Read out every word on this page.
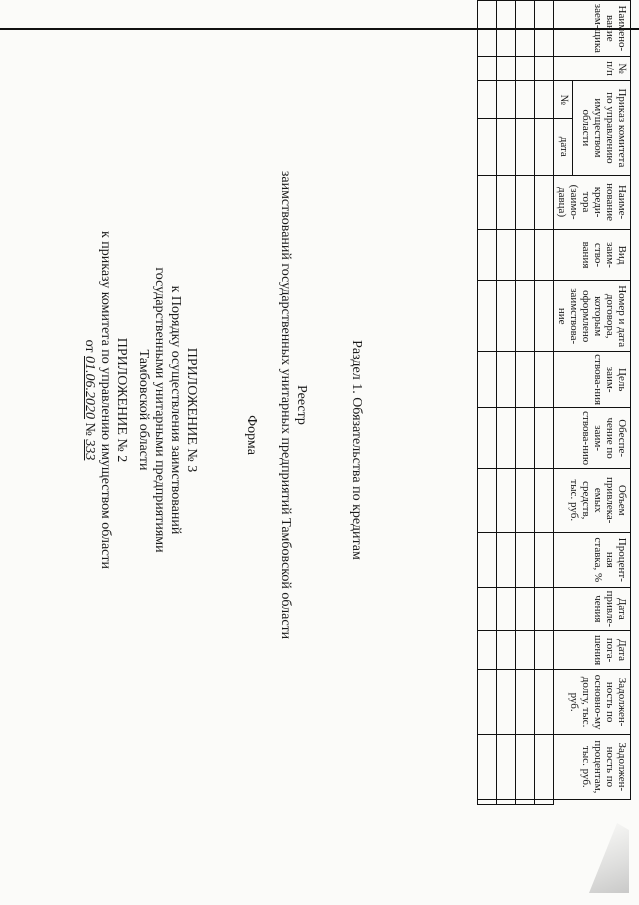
ПРИЛОЖЕНИЕ № 2
к приказу комитета по управлению имуществом области
от 01.06.2020 № 333	ПРИЛОЖЕНИЕ № 3
к Порядку осуществления заимствований
государственными унитарными предприятиями
Тамбовской области	Форма
Реестр
заимствований государственных унитарных предприятий Тамбовской области	Раздел 1. Обязательства по кредитам
Наимено-вание заем-щика	№ п/п	Приказ комитета по управлению имуществом области		Наиме-нование креди-тора (заимо-давца)	Вид заим-ство-вания	Номер и дата договора, которым оформлено заимствова-ние	Цель заим-ствова-ния	Обеспе-чение по заим-ствова-нию	Объем привлека-емых средств, тыс. руб.	Процент-ная ставка, %	Дата привле-чения	Дата пога-шения	Задолжен-ность по основно-му долгу, тыс. руб.	Задолжен-ность по процентам, тыс. руб.	
		№	дата												
